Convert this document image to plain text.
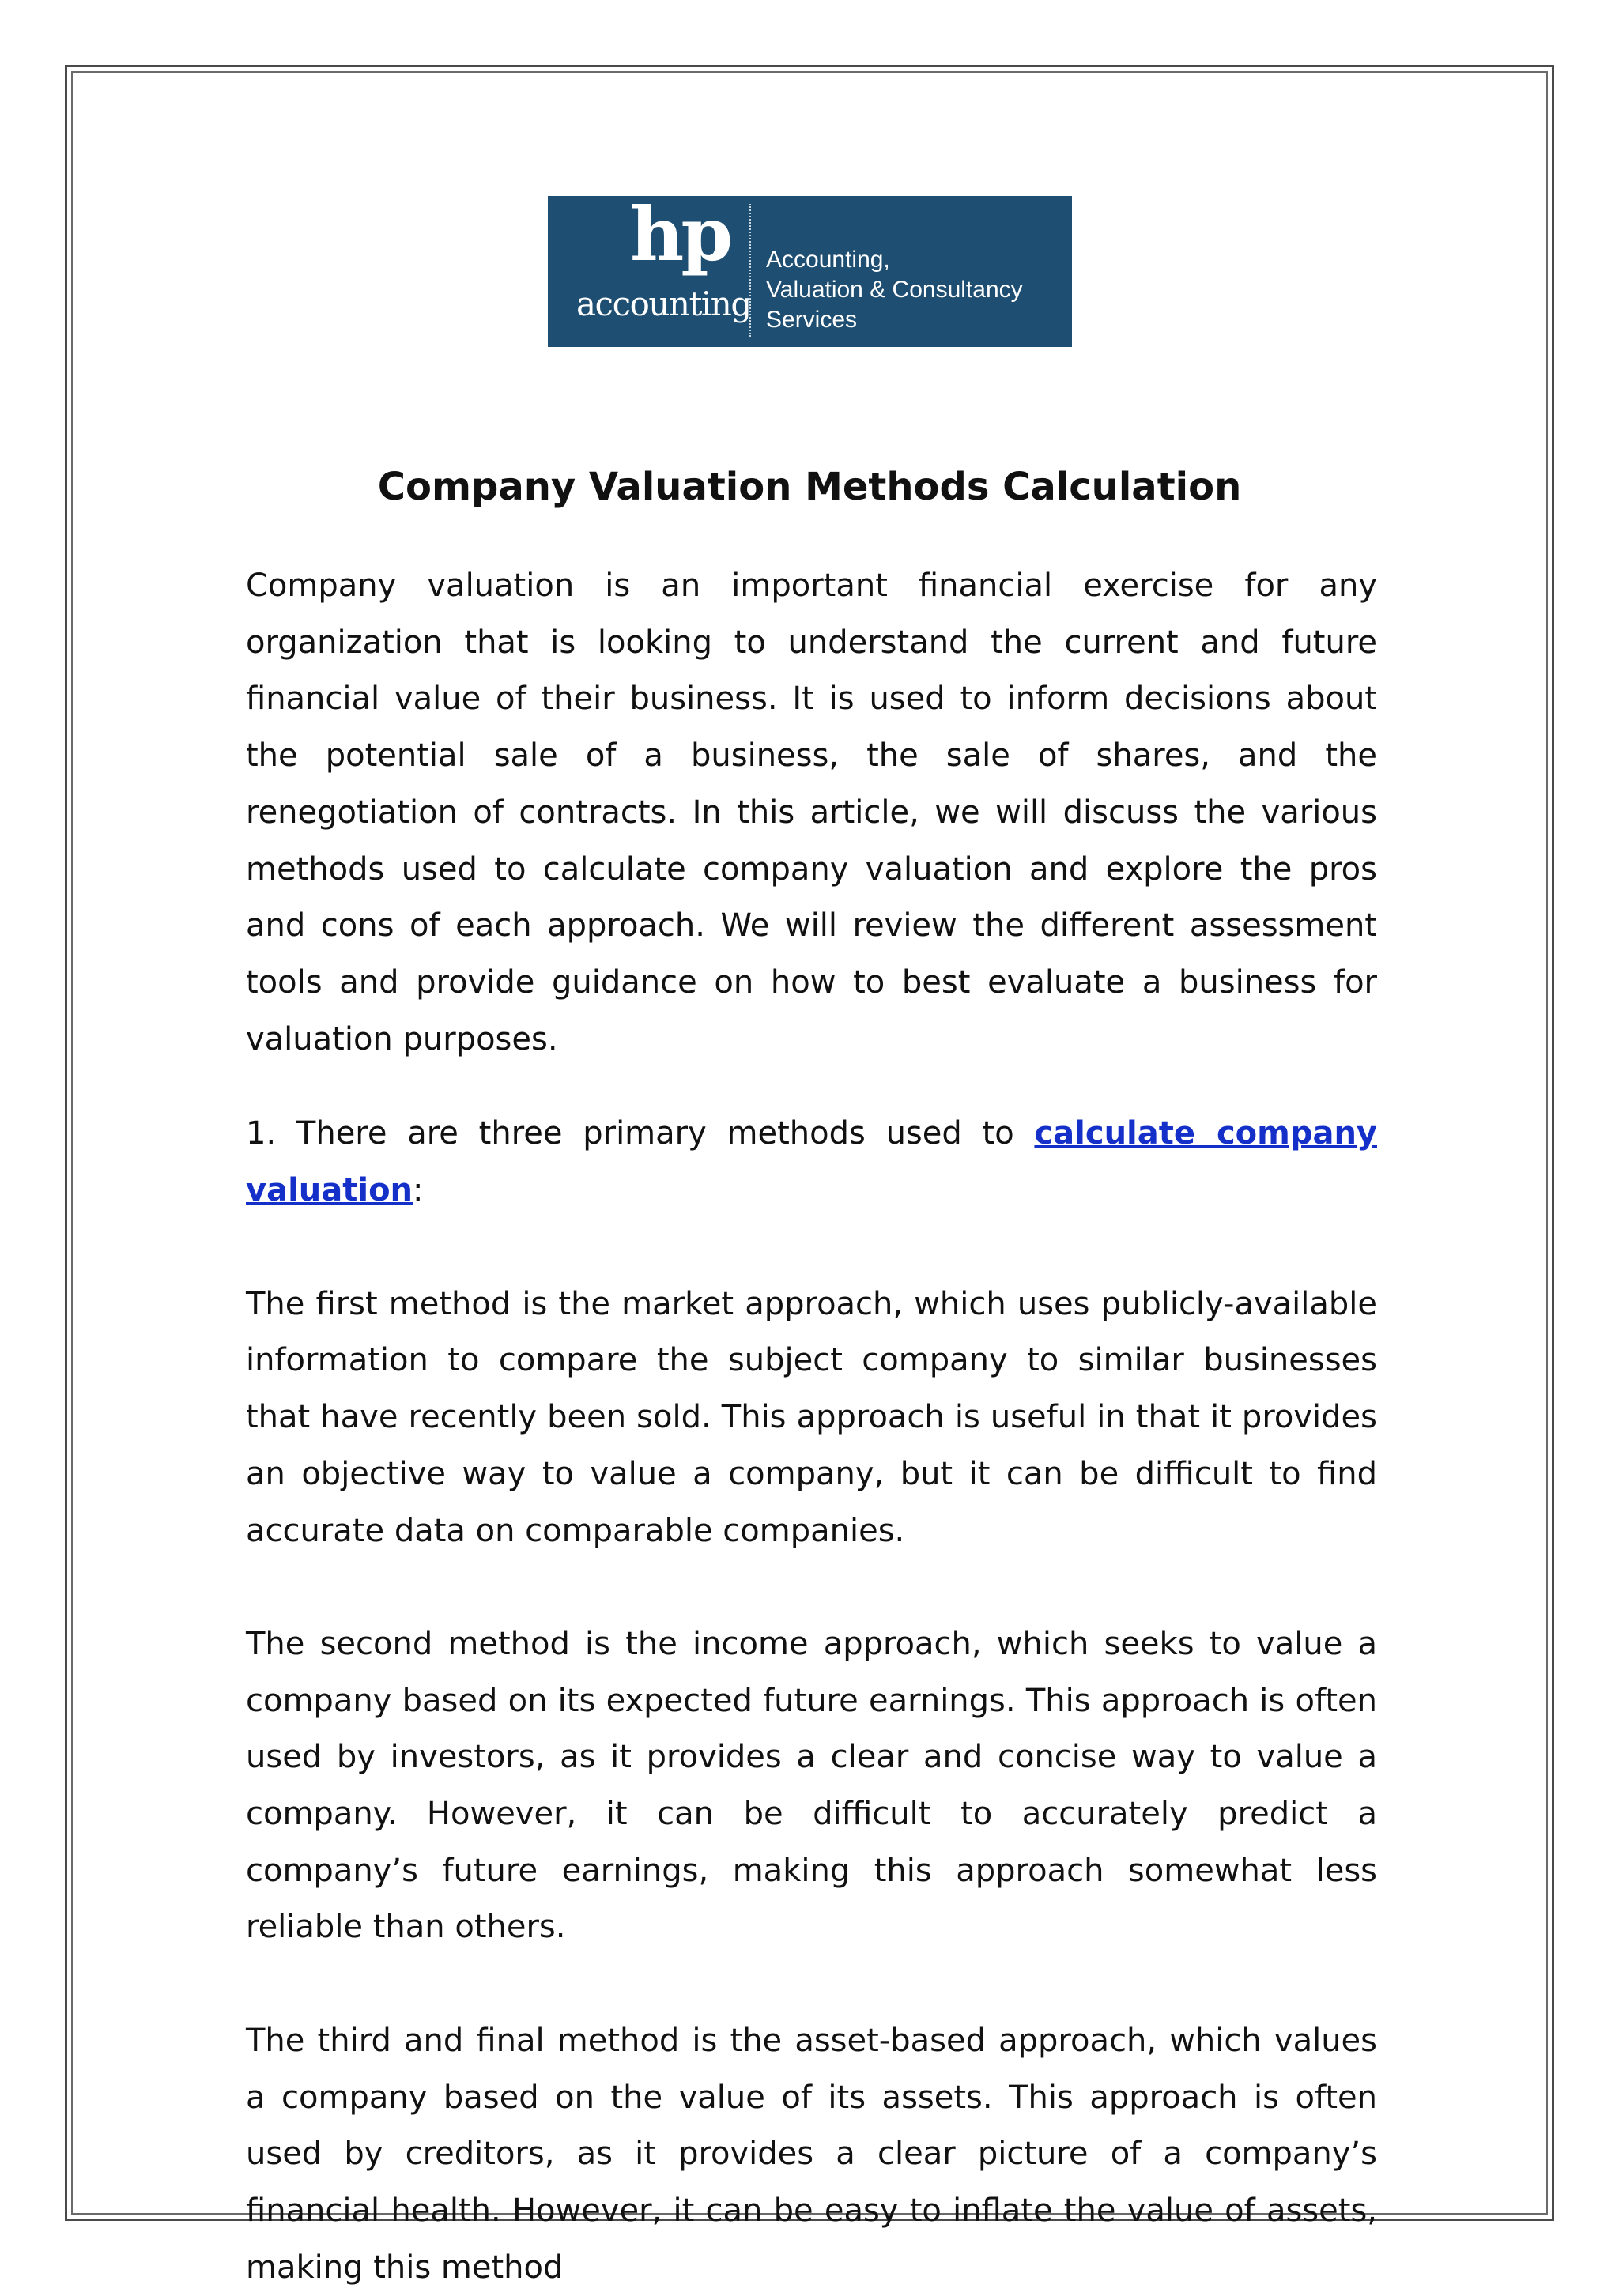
hp
accounting
Accounting,
Valuation & Consultancy
Services
Company Valuation Methods Calculation

Company valuation is an important financial exercise for any organization that is looking to understand the current and future financial value of their business. It is used to inform decisions about the potential sale of a business, the sale of shares, and the renegotiation of contracts. In this article, we will discuss the various methods used to calculate company valuation and explore the pros and cons of each approach. We will review the different assessment tools and provide guidance on how to best evaluate a business for valuation purposes.

1. There are three primary methods used to calculate company valuation:

The first method is the market approach, which uses publicly-available information to compare the subject company to similar businesses that have recently been sold. This approach is useful in that it provides an objective way to value a company, but it can be difficult to find accurate data on comparable companies.

The second method is the income approach, which seeks to value a company based on its expected future earnings. This approach is often used by investors, as it provides a clear and concise way to value a company. However, it can be difficult to accurately predict a company’s future earnings, making this approach somewhat less reliable than others.

The third and final method is the asset-based approach, which values a company based on the value of its assets. This approach is often used by creditors, as it provides a clear picture of a company’s financial health. However, it can be easy to inflate the value of assets, making this method
